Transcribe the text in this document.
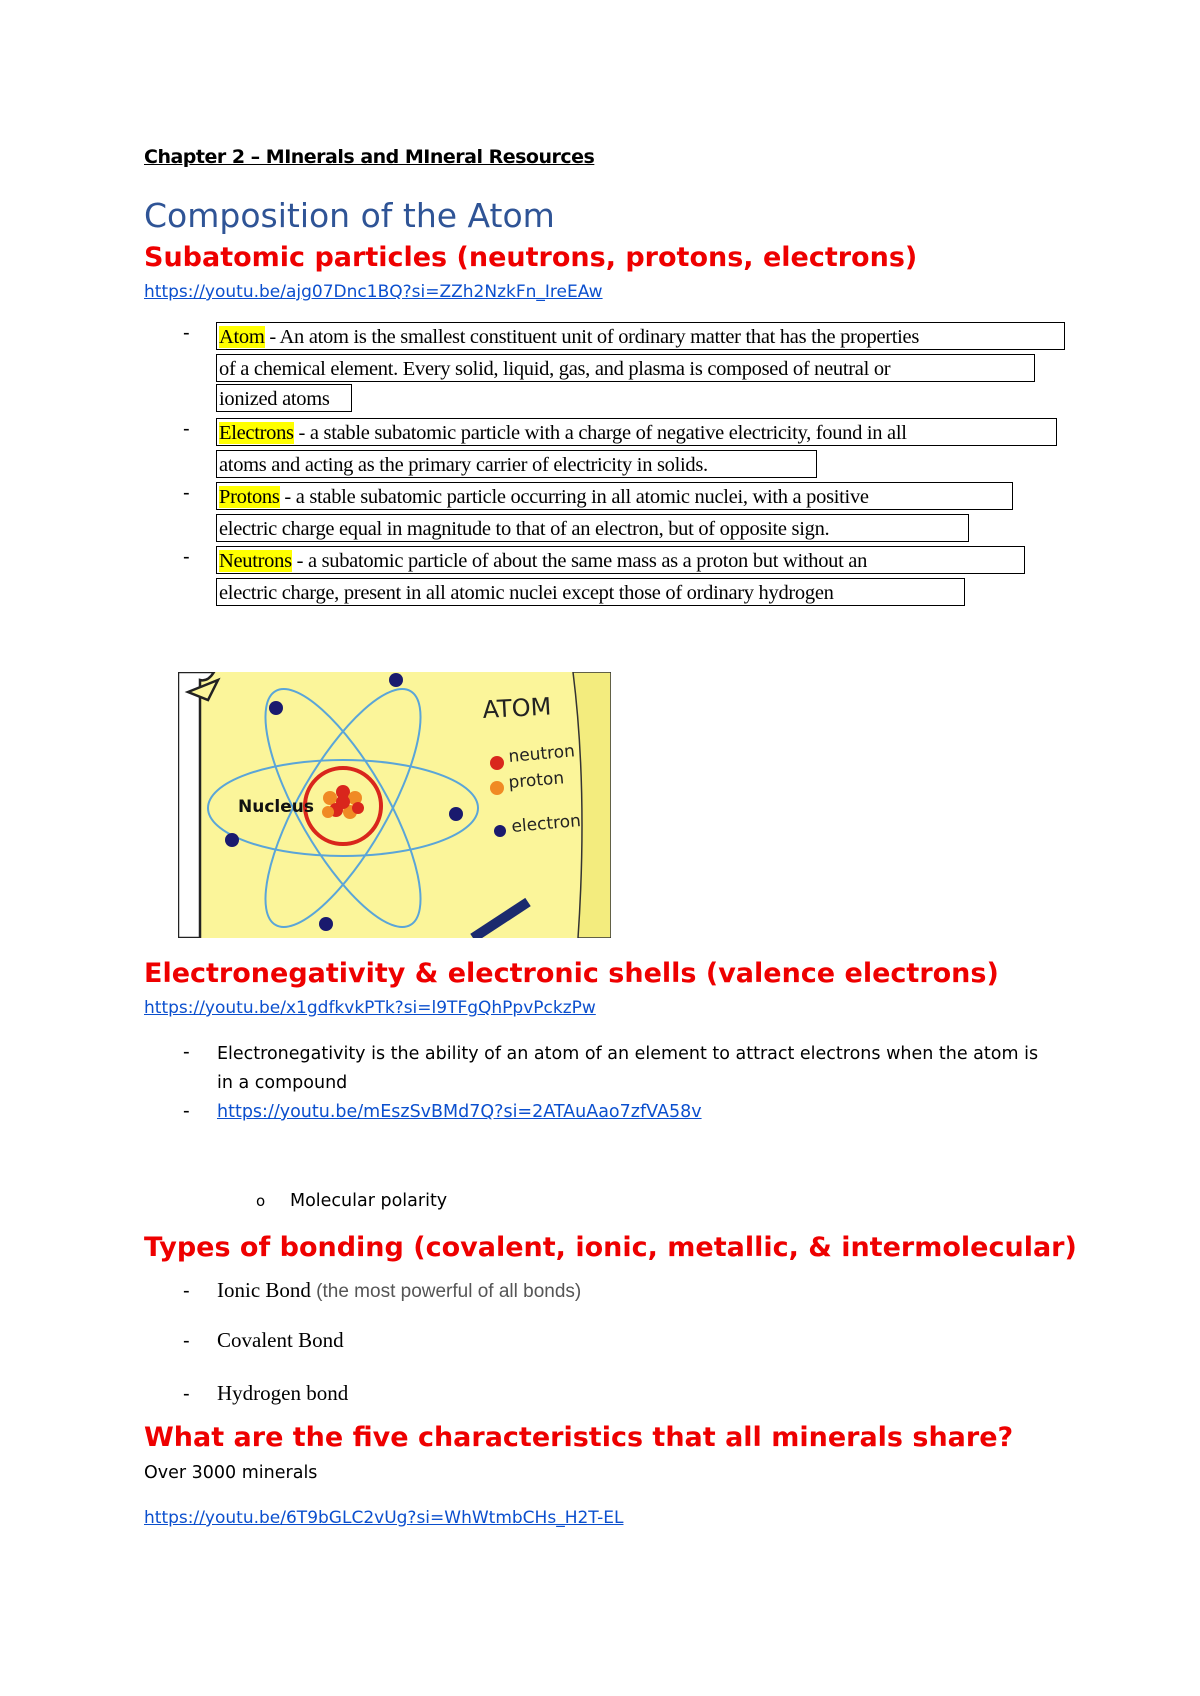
Chapter 2 – MInerals and MIneral Resources
Composition of the Atom
Subatomic particles (neutrons, protons, electrons)
https://youtu.be/ajg07Dnc1BQ?si=ZZh2NzkFn_IreEAw
- Atom - An atom is the smallest constituent unit of ordinary matter that has the properties
of a chemical element. Every solid, liquid, gas, and plasma is composed of neutral or
ionized atoms
- Electrons - a stable subatomic particle with a charge of negative electricity, found in all
atoms and acting as the primary carrier of electricity in solids.
- Protons - a stable subatomic particle occurring in all atomic nuclei, with a positive
electric charge equal in magnitude to that of an electron, but of opposite sign.
- Neutrons - a subatomic particle of about the same mass as a proton but without an
electric charge, present in all atomic nuclei except those of ordinary hydrogen
Nucleus
ATOM
neutron
proton
electron
Electronegativity & electronic shells (valence electrons)
https://youtu.be/x1gdfkvkPTk?si=l9TFgQhPpvPckzPw
- Electronegativity is the ability of an atom of an element to attract electrons when the atom is
in a compound
- https://youtu.be/mEszSvBMd7Q?si=2ATAuAao7zfVA58v
o Molecular polarity
Types of bonding (covalent, ionic, metallic, & intermolecular)
- Ionic Bond (the most powerful of all bonds)
- Covalent Bond
- Hydrogen bond
What are the five characteristics that all minerals share?
Over 3000 minerals
https://youtu.be/6T9bGLC2vUg?si=WhWtmbCHs_H2T-EL
